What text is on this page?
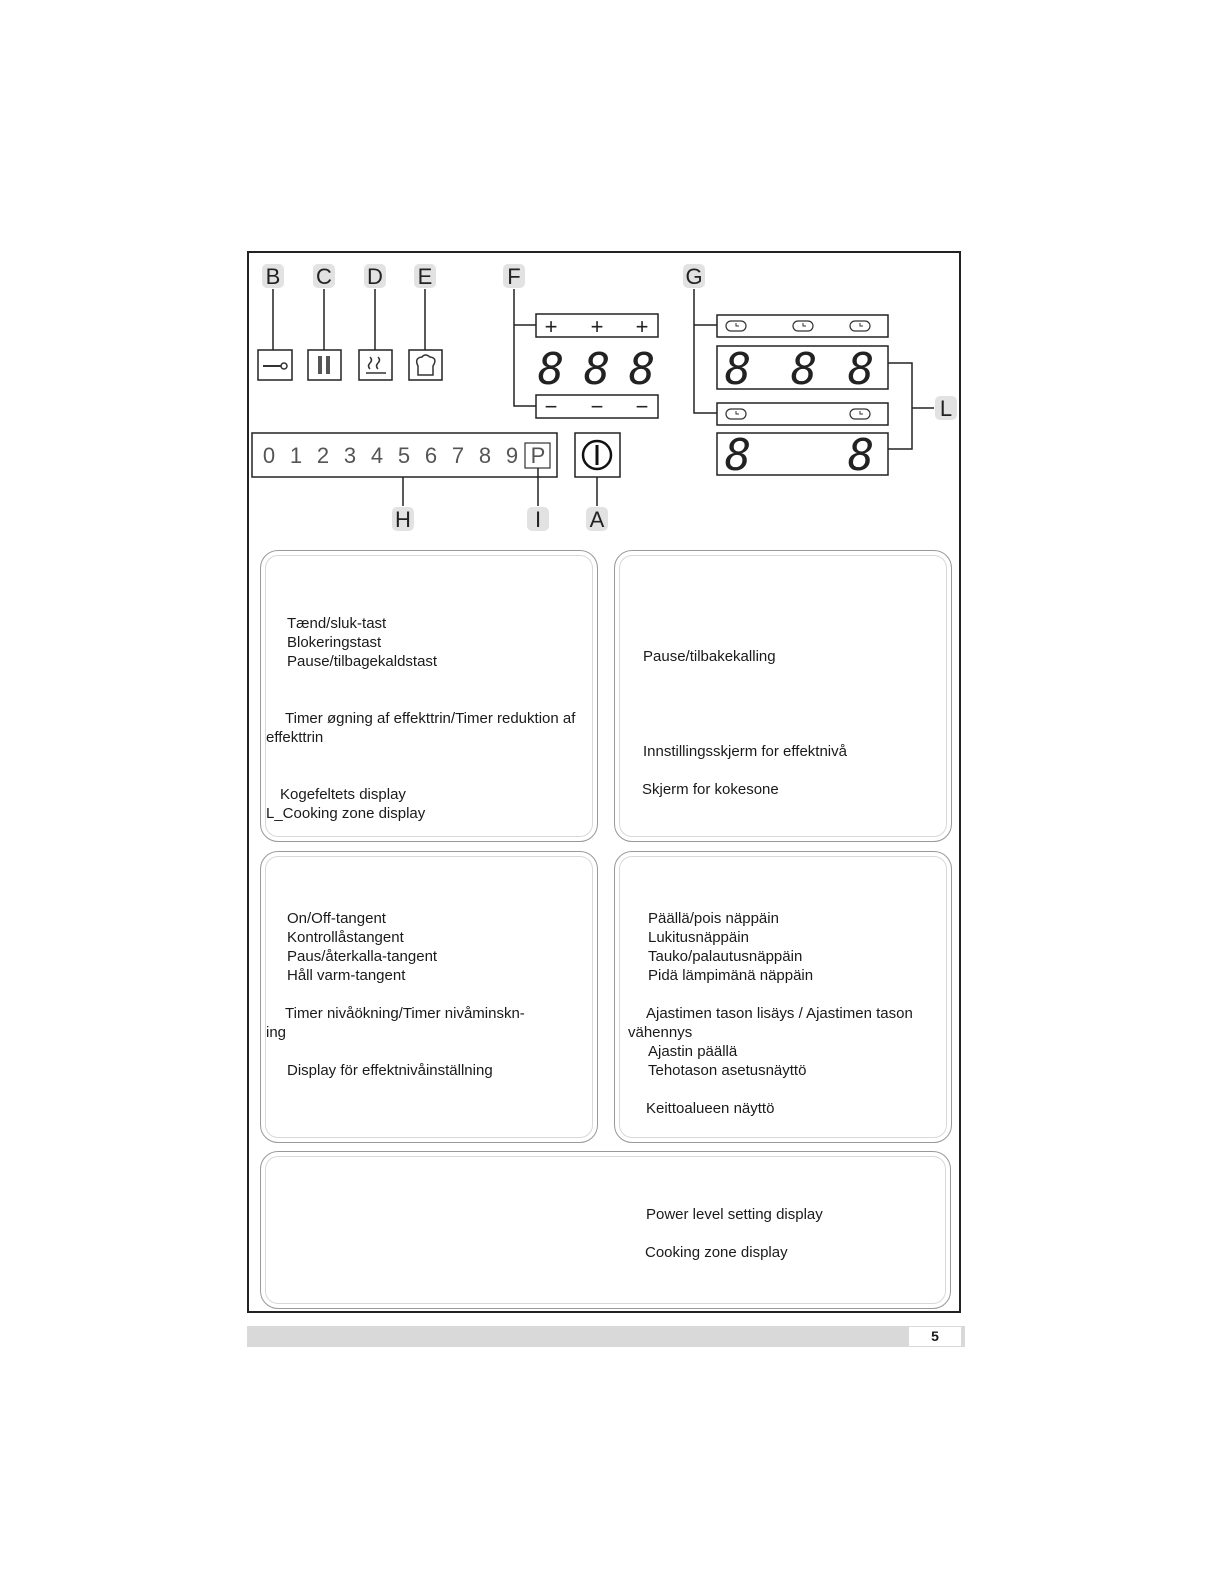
B C D E	F
+ + +
8 8 8
− − −
G
8 8 8
8 8
L
0 1 2 3 4 5 6 7 8 9 P
H	I A
Tænd/sluk-tast
Blokeringstast
Pause/tilbagekaldstast
Timer øgning af effekttrin/Timer reduktion af
effekttrin
Kogefeltets display
L_Cooking zone display
Pause/tilbakekalling
Innstillingsskjerm for effektnivå
Skjerm for kokesone
On/Off-tangent
Kontrollåstangent
Paus/återkalla-tangent
Håll varm-tangent
Timer nivåökning/Timer nivåminskn-
ing
Display för effektnivåinställning
Päällä/pois näppäin
Lukitusnäppäin
Tauko/palautusnäppäin
Pidä lämpimänä näppäin
Ajastimen tason lisäys / Ajastimen tason
vähennys
Ajastin päällä
Tehotason asetusnäyttö
Keittoalueen näyttö
Power level setting display
Cooking zone display
5
